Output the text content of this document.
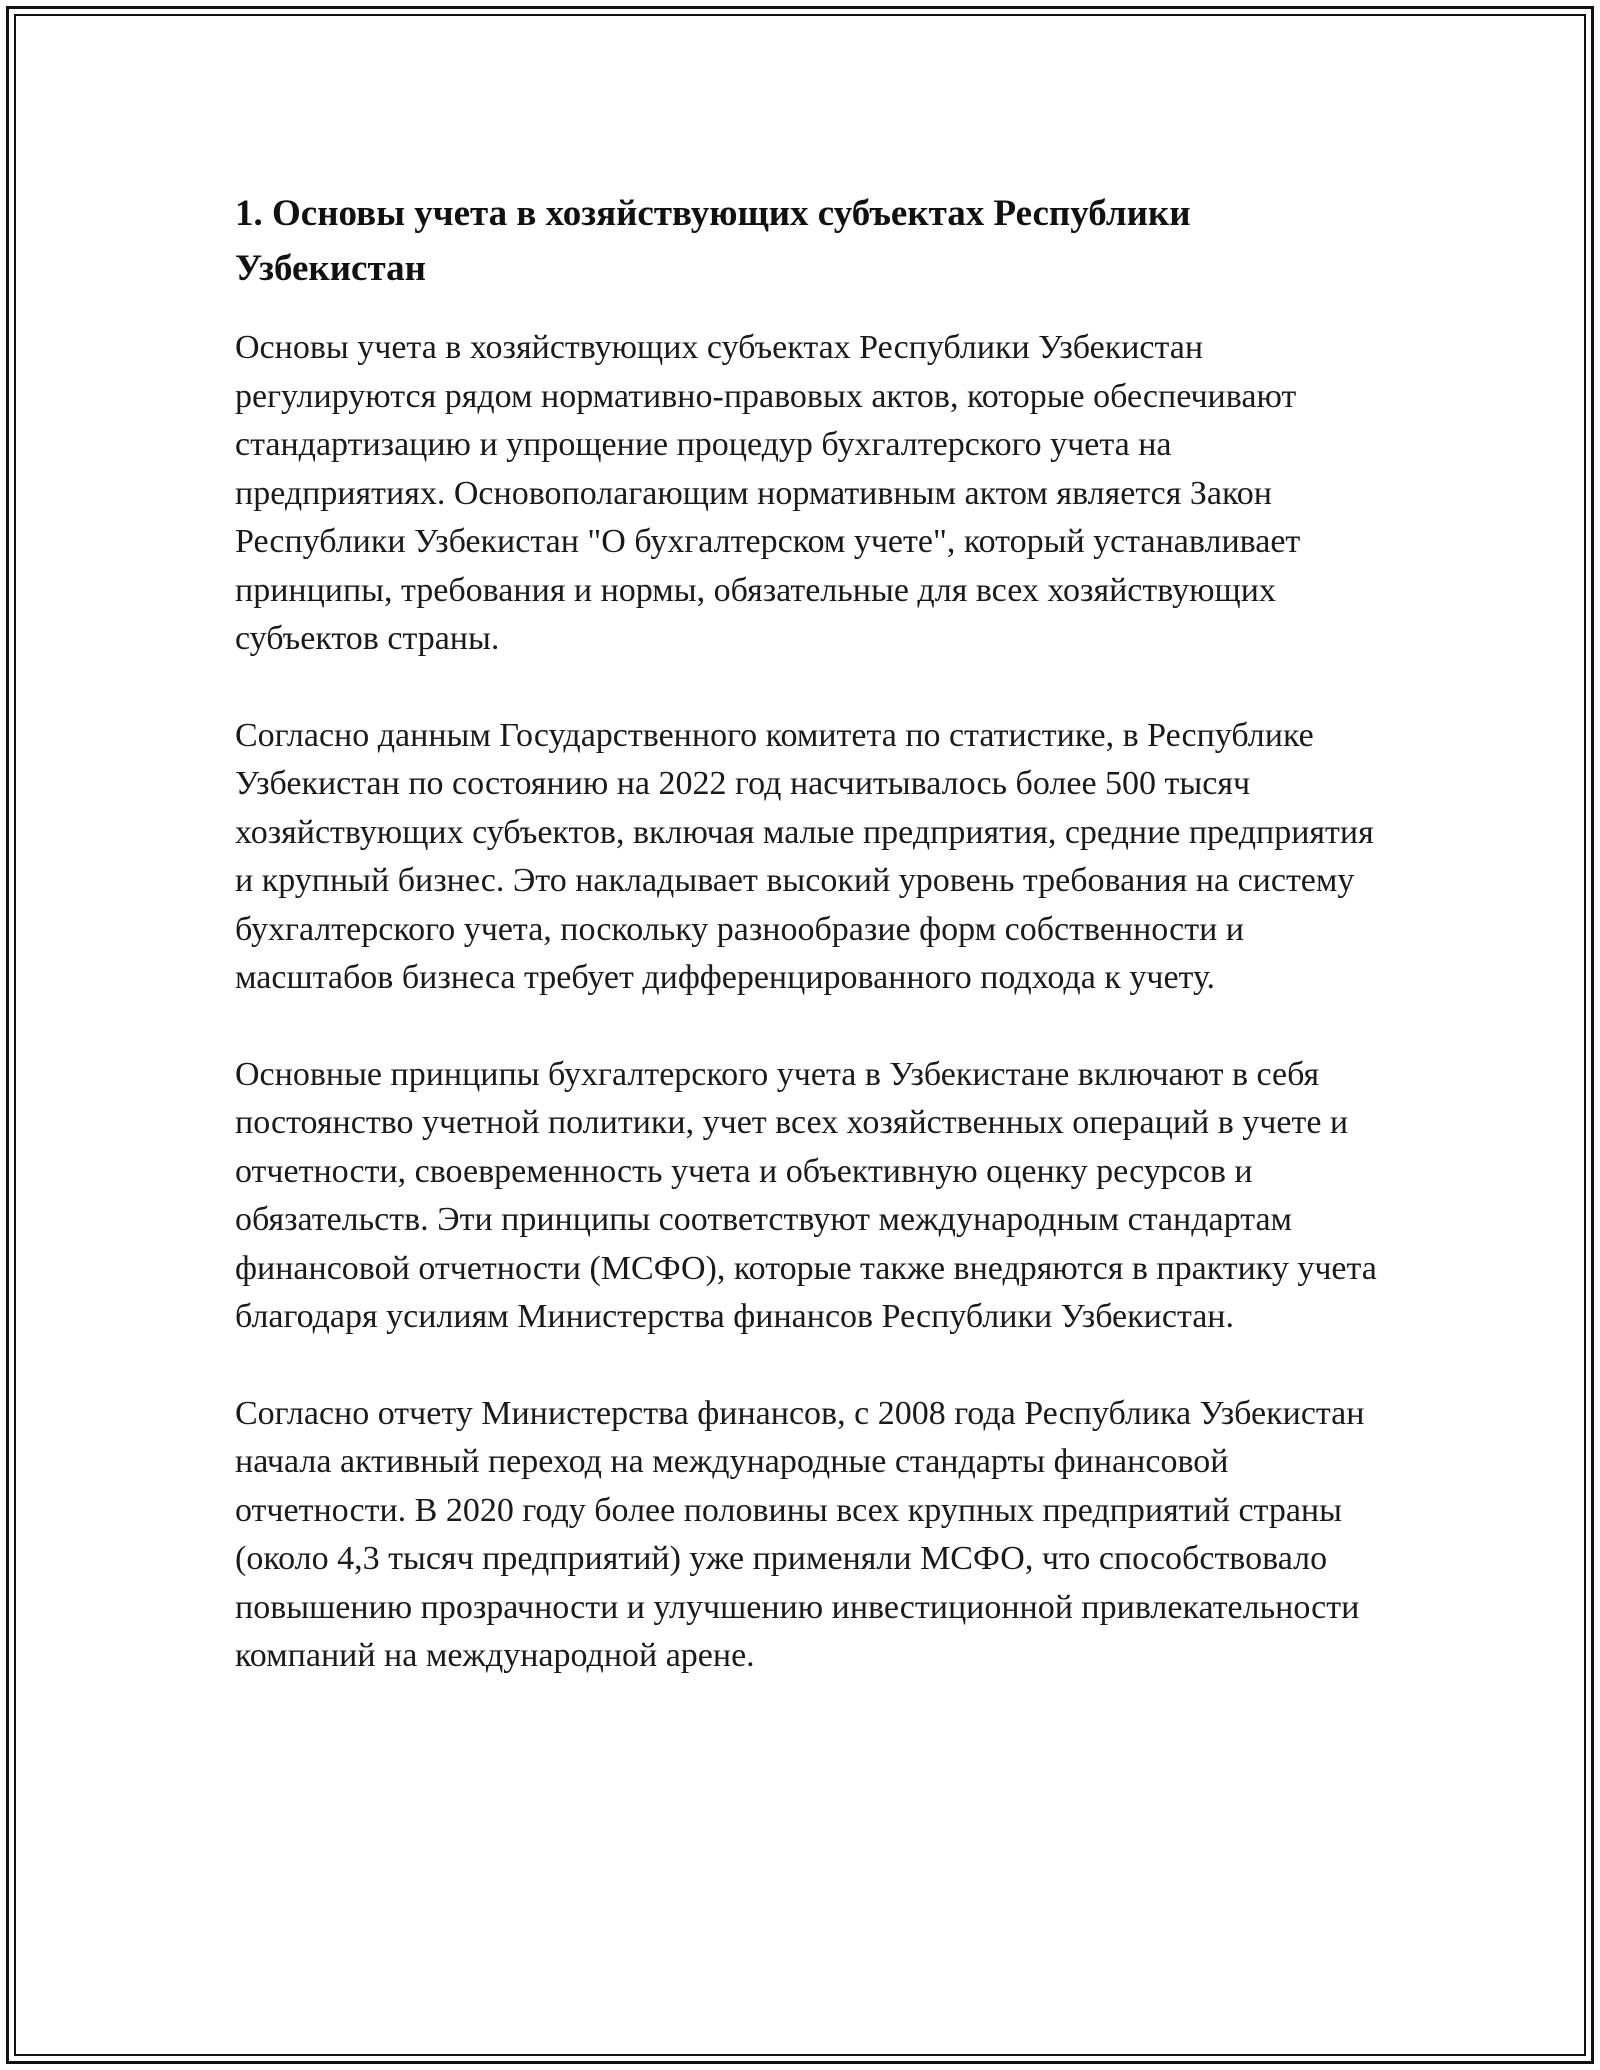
1. Основы учета в хозяйствующих субъектах Республики Узбекистан

Основы учета в хозяйствующих субъектах Республики Узбекистан регулируются рядом нормативно-правовых актов, которые обеспечивают стандартизацию и упрощение процедур бухгалтерского учета на предприятиях. Основополагающим нормативным актом является Закон Республики Узбекистан "О бухгалтерском учете", который устанавливает принципы, требования и нормы, обязательные для всех хозяйствующих субъектов страны.

Согласно данным Государственного комитета по статистике, в Республике Узбекистан по состоянию на 2022 год насчитывалось более 500 тысяч хозяйствующих субъектов, включая малые предприятия, средние предприятия и крупный бизнес. Это накладывает высокий уровень требования на систему бухгалтерского учета, поскольку разнообразие форм собственности и масштабов бизнеса требует дифференцированного подхода к учету.

Основные принципы бухгалтерского учета в Узбекистане включают в себя постоянство учетной политики, учет всех хозяйственных операций в учете и отчетности, своевременность учета и объективную оценку ресурсов и обязательств. Эти принципы соответствуют международным стандартам финансовой отчетности (МСФО), которые также внедряются в практику учета благодаря усилиям Министерства финансов Республики Узбекистан.

Согласно отчету Министерства финансов, с 2008 года Республика Узбекистан начала активный переход на международные стандарты финансовой отчетности. В 2020 году более половины всех крупных предприятий страны (около 4,3 тысяч предприятий) уже применяли МСФО, что способствовало повышению прозрачности и улучшению инвестиционной привлекательности компаний на международной арене.
